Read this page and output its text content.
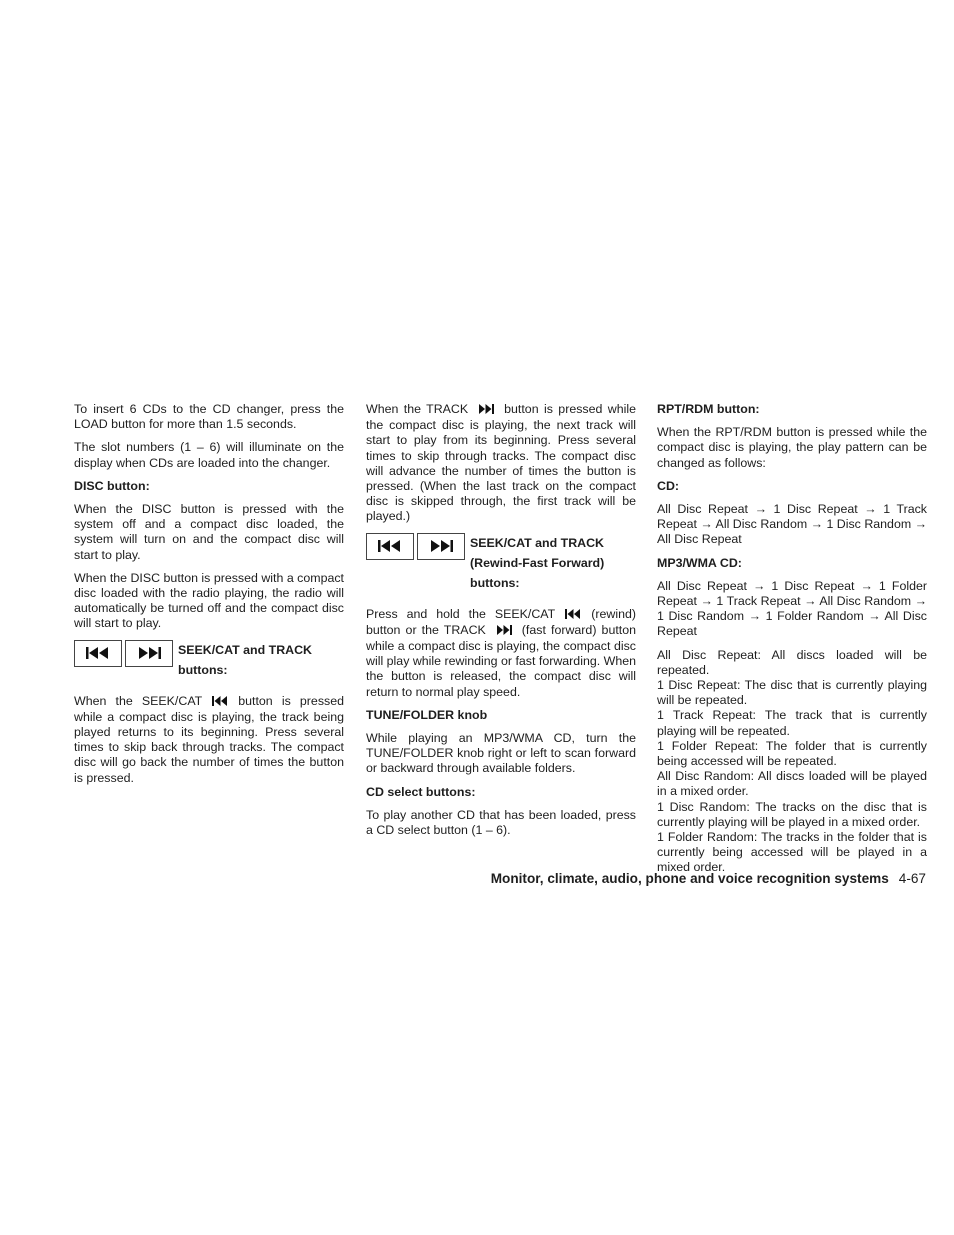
To insert 6 CDs to the CD changer, press the LOAD button for more than 1.5 seconds.

The slot numbers (1 – 6) will illuminate on the display when CDs are loaded into the changer.

DISC button:

When the DISC button is pressed with the system off and a compact disc loaded, the system will turn on and the compact disc will start to play.

When the DISC button is pressed with a compact disc loaded with the radio playing, the radio will automatically be turned off and the compact disc will start to play.

SEEK/CAT and TRACK
buttons:

When the SEEK/CAT	button is pressed while a compact disc is playing, the track being played returns to its beginning. Press several times to skip back through tracks. The compact disc will go back the number of times the button is pressed.

When the TRACK	button is pressed while the compact disc is playing, the next track will start to play from its beginning. Press several times to skip through tracks. The compact disc will advance the number of times the button is pressed. (When the last track on the compact disc is skipped through, the first track will be played.)

SEEK/CAT and TRACK
(Rewind-Fast Forward)
buttons:

Press and hold the SEEK/CAT	(rewind) button or the TRACK	(fast forward) button while a compact disc is playing, the compact disc will play while rewinding or fast forwarding. When the button is released, the compact disc will return to normal play speed.

TUNE/FOLDER knob

While playing an MP3/WMA CD, turn the TUNE/FOLDER knob right or left to scan forward or backward through available folders.

CD select buttons:

To play another CD that has been loaded, press a CD select button (1 – 6).

RPT/RDM button:

When the RPT/RDM button is pressed while the compact disc is playing, the play pattern can be changed as follows:

CD:

All Disc Repeat → 1 Disc Repeat → 1 Track Repeat → All Disc Random → 1 Disc Random → All Disc Repeat

MP3/WMA CD:

All Disc Repeat → 1 Disc Repeat → 1 Folder Repeat → 1 Track Repeat → All Disc Random → 1 Disc Random → 1 Folder Random → All Disc Repeat

All Disc Repeat: All discs loaded will be repeated.

1 Disc Repeat: The disc that is currently playing will be repeated.

1 Track Repeat: The track that is currently playing will be repeated.

1 Folder Repeat: The folder that is currently being accessed will be repeated.

All Disc Random: All discs loaded will be played in a mixed order.

1 Disc Random: The tracks on the disc that is currently playing will be played in a mixed order.

1 Folder Random: The tracks in the folder that is currently being accessed will be played in a mixed order.

Monitor, climate, audio, phone and voice recognition systems 4-67
